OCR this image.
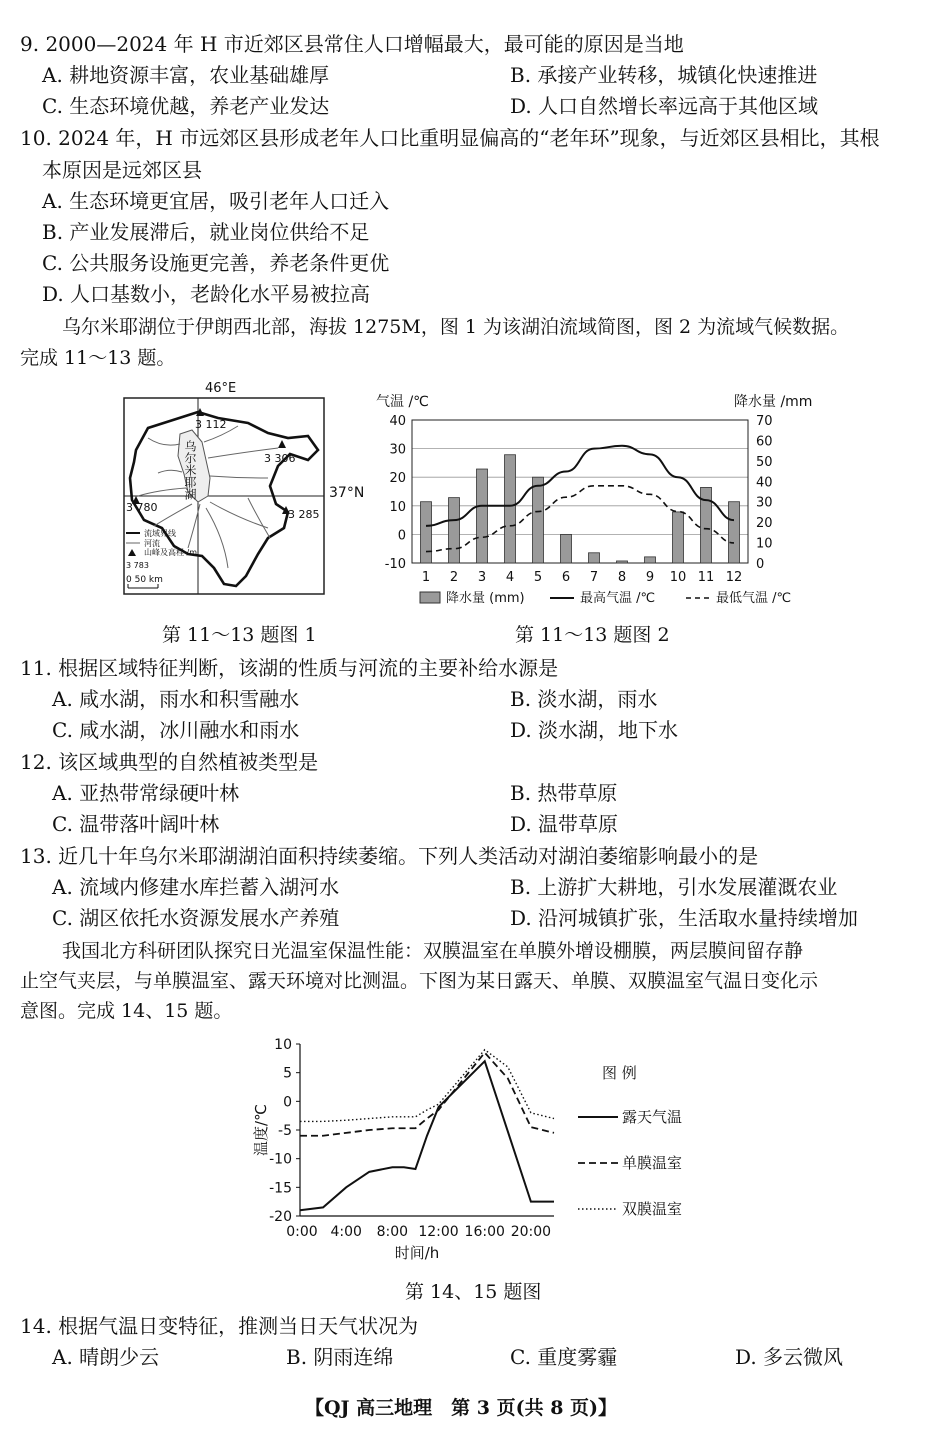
9. 2000—2024 年 H 市近郊区县常住人口增幅最大，最可能的原因是当地
A. 耕地资源丰富，农业基础雄厚	B. 承接产业转移，城镇化快速推进
C. 生态环境优越，养老产业发达	D. 人口自然增长率远高于其他区域
10. 2024 年，H 市远郊区县形成老年人口比重明显偏高的“老年环”现象，与近郊区县相比，其根
本原因是远郊区县
A. 生态环境更宜居，吸引老年人口迁入
B. 产业发展滞后，就业岗位供给不足
C. 公共服务设施更完善，养老条件更优
D. 人口基数小，老龄化水平易被拉高
乌尔米耶湖位于伊朗西北部，海拔 1275M，图 1 为该湖泊流域简图，图 2 为流域气候数据。
完成 11～13 题。
46°E
乌尔米耶湖
3 112
3 306
3 780
3 285
流域界线
河流
山峰及高程 /m
3 783
0 50 km
37°N
气温 /℃	降水量 /mm
40
30
20
10
0
-10
70
60
50
40
30
20
10
0
1 2 3 4 5 6 7 8 9 10 11 12
降水量 (mm)	最高气温 /℃	最低气温 /℃
第 11～13 题图 1	第 11～13 题图 2
11. 根据区域特征判断，该湖的性质与河流的主要补给水源是
A. 咸水湖，雨水和积雪融水	B. 淡水湖，雨水
C. 咸水湖，冰川融水和雨水	D. 淡水湖，地下水
12. 该区域典型的自然植被类型是
A. 亚热带常绿硬叶林	B. 热带草原
C. 温带落叶阔叶林	D. 温带草原
13. 近几十年乌尔米耶湖湖泊面积持续萎缩。下列人类活动对湖泊萎缩影响最小的是
A. 流域内修建水库拦蓄入湖河水	B. 上游扩大耕地，引水发展灌溉农业
C. 湖区依托水资源发展水产养殖	D. 沿河城镇扩张，生活取水量持续增加
我国北方科研团队探究日光温室保温性能：双膜温室在单膜外增设棚膜，两层膜间留存静
止空气夹层，与单膜温室、露天环境对比测温。下图为某日露天、单膜、双膜温室气温日变化示
意图。完成 14、15 题。
10
5
0
-5
-10
-15
-20
0:00 4:00 8:00 12:00 16:00 20:00
时间/h
温度/℃
图 例
露天气温
单膜温室
双膜温室
第 14、15 题图
14. 根据气温日变特征，推测当日天气状况为
A. 晴朗少云	B. 阴雨连绵	C. 重度雾霾	D. 多云微风
【QJ 高三地理　第 3 页(共 8 页)】
